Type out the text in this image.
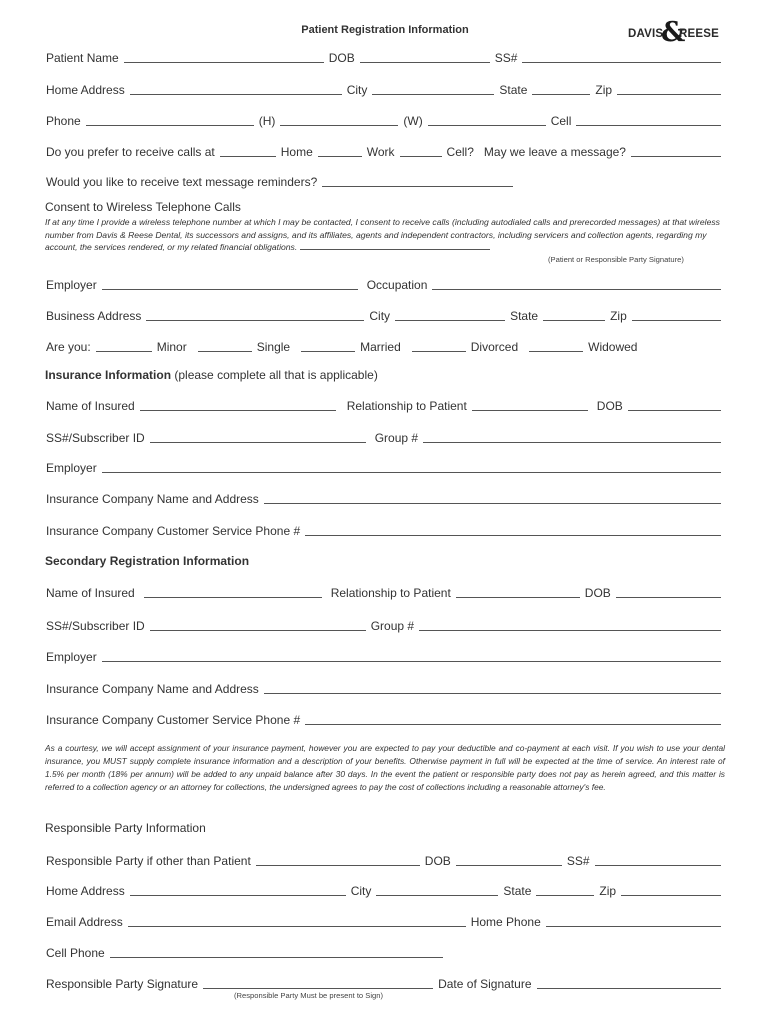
Patient Registration Information	DAVIS
&
REESE
Patient Name	DOB	SS#
Home Address	City	State	Zip
Phone	(H)	(W)	Cell
Do you prefer to receive calls at	Home	Work	Cell? May we leave a message?
Would you like to receive text message reminders?
Consent to Wireless Telephone Calls
If at any time I provide a wireless telephone number at which I may be contacted, I consent to receive calls (including autodialed calls and prerecorded messages) at that wireless number from Davis & Reese Dental, its successors and assigns, and its affiliates, agents and independent contractors, including servicers and collection agents, regarding my account, the services rendered, or my related financial obligations.
(Patient or Responsible Party Signature)
Employer	Occupation
Business Address	City	State	Zip
Are you:	Minor	Single	Married	Divorced	Widowed
Insurance Information (please complete all that is applicable)
Name of Insured	Relationship to Patient	DOB
SS#/Subscriber ID	Group #
Employer
Insurance Company Name and Address
Insurance Company Customer Service Phone #
Secondary Registration Information
Name of Insured	Relationship to Patient	DOB
SS#/Subscriber ID	Group #
Employer
Insurance Company Name and Address
Insurance Company Customer Service Phone #
As a courtesy, we will accept assignment of your insurance payment, however you are expected to pay your deductible and co-payment at each visit. If you wish to use your dental insurance, you MUST supply complete insurance information and a description of your benefits. Otherwise payment in full will be expected at the time of service. An interest rate of 1.5% per month (18% per annum) will be added to any unpaid balance after 30 days. In the event the patient or responsible party does not pay as herein agreed, and this matter is referred to a collection agency or an attorney for collections, the undersigned agrees to pay the cost of collections including a reasonable attorney's fee.
Responsible Party Information
Responsible Party if other than Patient	DOB	SS#
Home Address	City	State	Zip
Email Address	Home Phone
Cell Phone
Responsible Party Signature	Date of Signature
(Responsible Party Must be present to Sign)
